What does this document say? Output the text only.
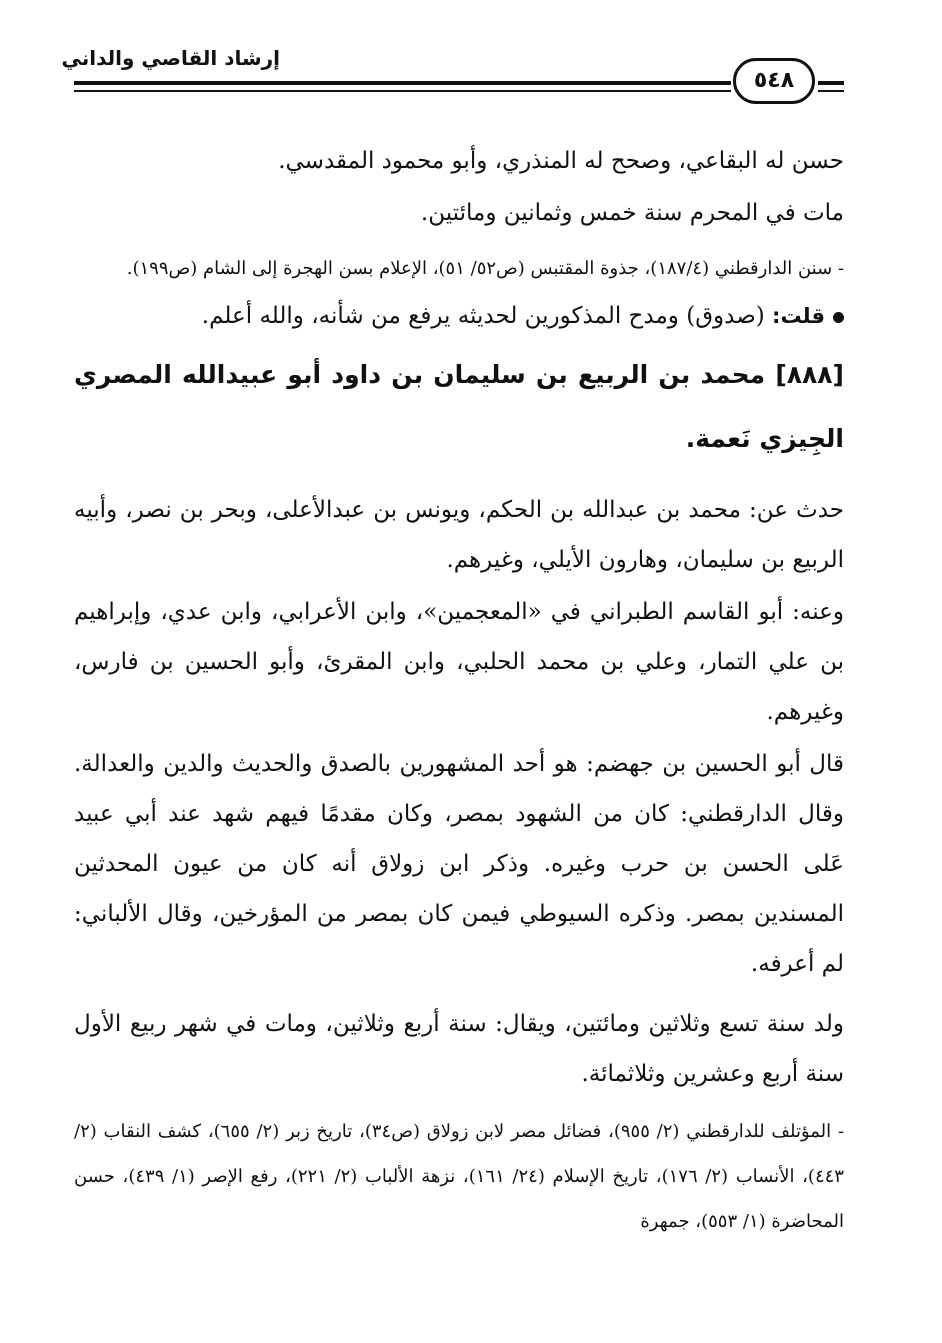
إرشاد القاصي والداني
٥٤٨

حسن له البقاعي، وصحح له المنذري، وأبو محمود المقدسي.

مات في المحرم سنة خمس وثمانين ومائتين.

- سنن الدارقطني (١٨٧/٤)، جذوة المقتبس (ص٥٢/ ٥١)، الإعلام بسن الهجرة إلى الشام (ص١٩٩).

قلت: (صدوق) ومدح المذكورين لحديثه يرفع من شأنه، والله أعلم.

[٨٨٨] محمد بن الربيع بن سليمان بن داود أبو عبيدالله المصري الجِيزي نَعمة.

حدث عن: محمد بن عبدالله بن الحكم، ويونس بن عبدالأعلى، وبحر بن نصر، وأبيه الربيع بن سليمان، وهارون الأيلي، وغيرهم.

وعنه: أبو القاسم الطبراني في «المعجمين»، وابن الأعرابي، وابن عدي، وإبراهيم بن علي التمار، وعلي بن محمد الحلبي، وابن المقرئ، وأبو الحسين بن فارس، وغيرهم.

قال أبو الحسين بن جهضم: هو أحد المشهورين بالصدق والحديث والدين والعدالة. وقال الدارقطني: كان من الشهود بمصر، وكان مقدمًا فيهم شهد عند أبي عبيد عَلى الحسن بن حرب وغيره. وذكر ابن زولاق أنه كان من عيون المحدثين المسندين بمصر. وذكره السيوطي فيمن كان بمصر من المؤرخين، وقال الألباني: لم أعرفه.

ولد سنة تسع وثلاثين ومائتين، ويقال: سنة أربع وثلاثين، ومات في شهر ربيع الأول سنة أربع وعشرين وثلاثمائة.

- المؤتلف للدارقطني (٢/ ٩٥٥)، فضائل مصر لابن زولاق (ص٣٤)، تاريخ زبر (٢/ ٦٥٥)، كشف النقاب (٢/ ٤٤٣)، الأنساب (٢/ ١٧٦)، تاريخ الإسلام (٢٤/ ١٦١)، نزهة الألباب (٢/ ٢٢١)، رفع الإصر (١/ ٤٣٩)، حسن المحاضرة (١/ ٥٥٣)، جمهرة
